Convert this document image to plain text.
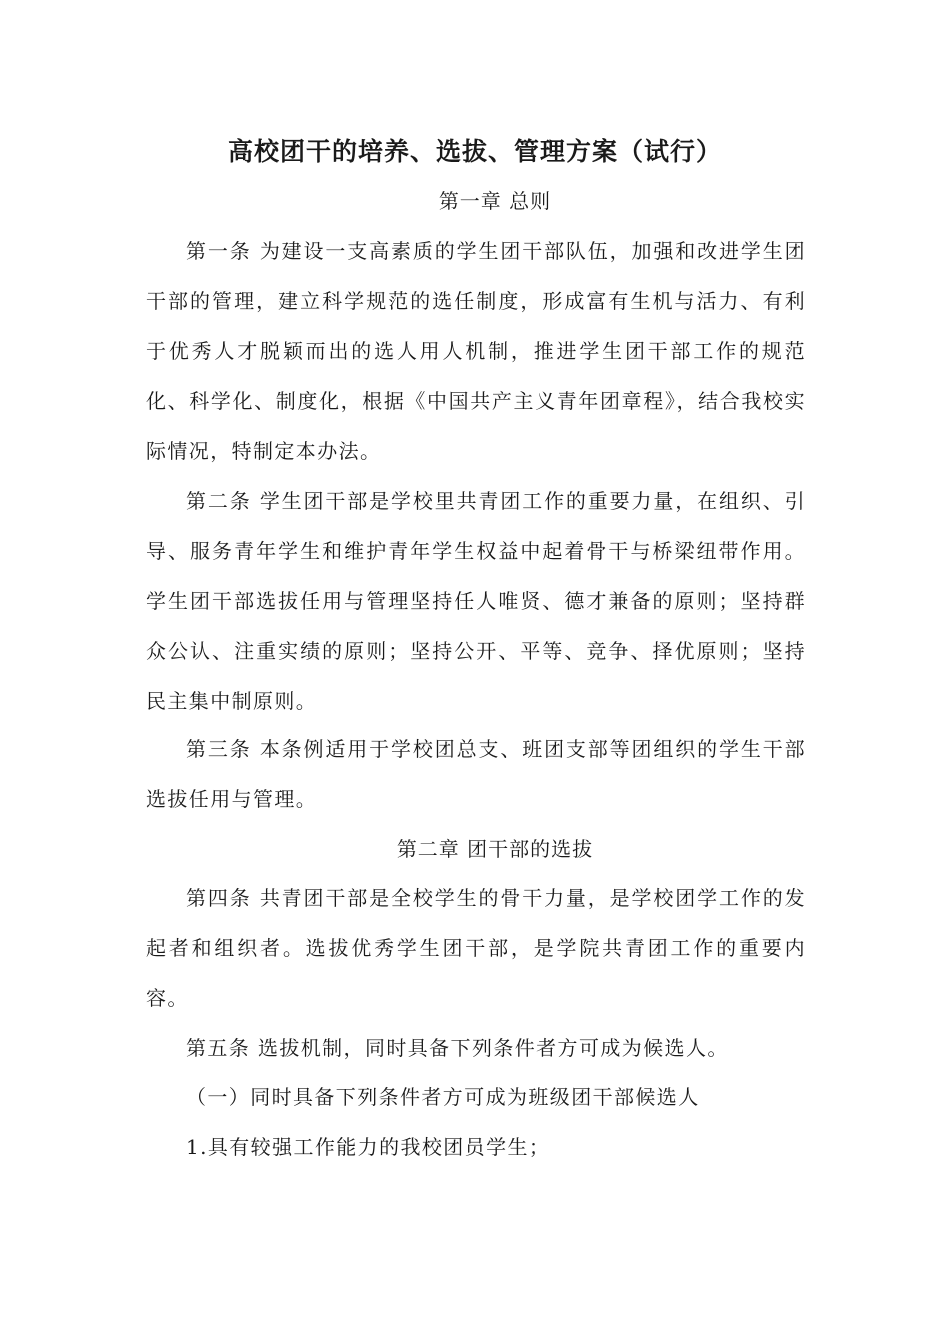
高校团干的培养、选拔、管理方案（试行）

第一章 总则

第一条 为建设一支高素质的学生团干部队伍，加强和改进学生团干部的管理，建立科学规范的选任制度，形成富有生机与活力、有利于优秀人才脱颖而出的选人用人机制，推进学生团干部工作的规范化、科学化、制度化，根据《中国共产主义青年团章程》，结合我校实际情况，特制定本办法。

第二条 学生团干部是学校里共青团工作的重要力量，在组织、引导、服务青年学生和维护青年学生权益中起着骨干与桥梁纽带作用。学生团干部选拔任用与管理坚持任人唯贤、德才兼备的原则；坚持群众公认、注重实绩的原则；坚持公开、平等、竞争、择优原则；坚持民主集中制原则。

第三条 本条例适用于学校团总支、班团支部等团组织的学生干部选拔任用与管理。

第二章 团干部的选拔

第四条 共青团干部是全校学生的骨干力量，是学校团学工作的发起者和组织者。选拔优秀学生团干部，是学院共青团工作的重要内容。

第五条 选拔机制，同时具备下列条件者方可成为候选人。

（一）同时具备下列条件者方可成为班级团干部候选人

1.具有较强工作能力的我校团员学生；
